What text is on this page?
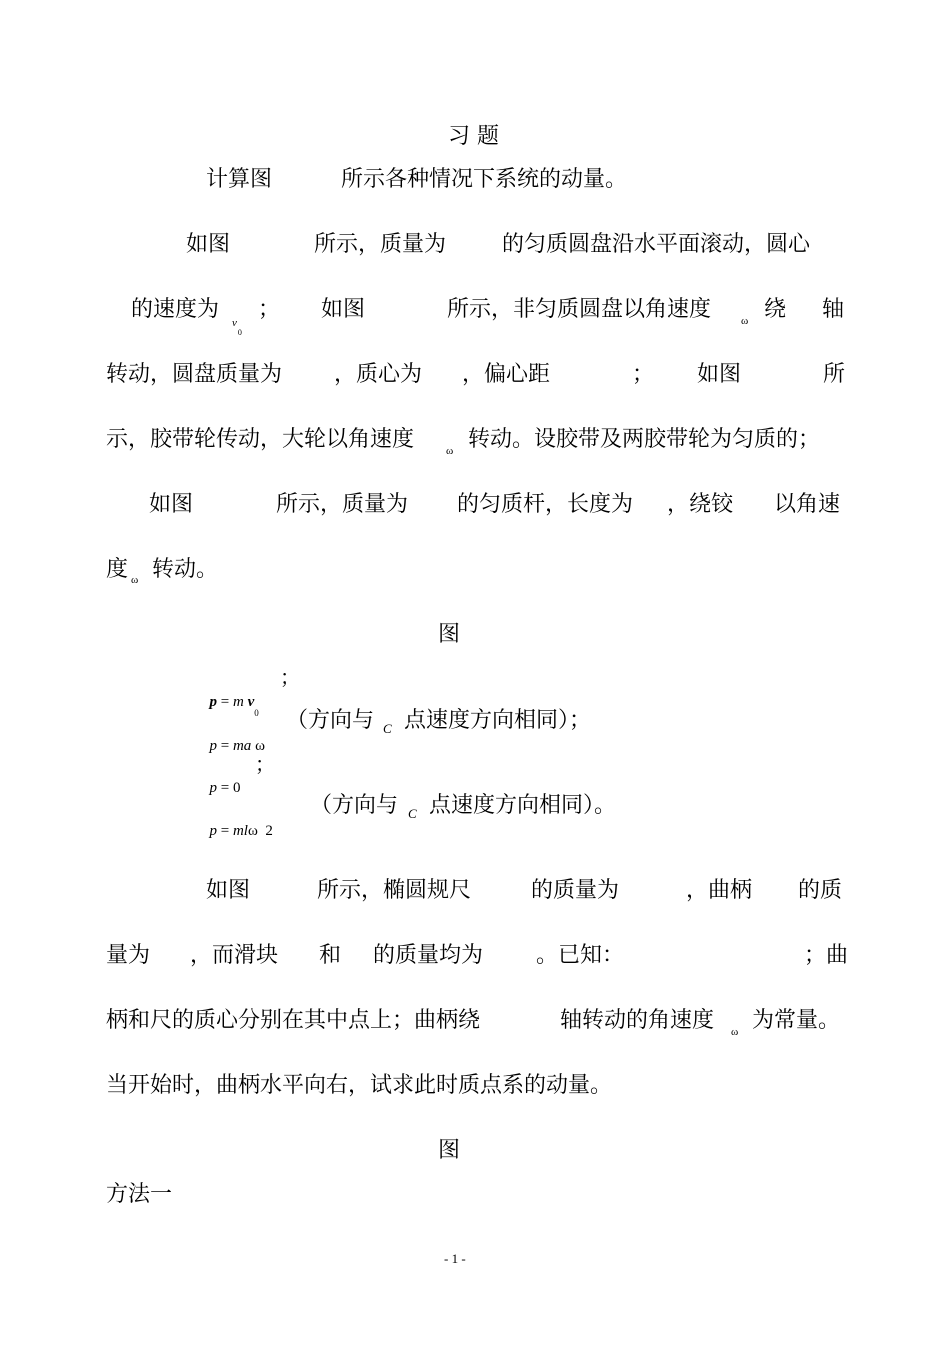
习 题

计算图	所示各种情况下系统的动量。
如图	所示，质量为	的匀质圆盘沿水平面滚动，圆心
的速度为
$v_0$
； 如图	所示，非匀质圆盘以角速度	ω 绕 轴
转动，圆盘质量为 ，质心为 ，偏心距	； 如图	所
示，胶带轮传动，大轮以角速度	ω 转动。设胶带及两胶带轮为匀质的；
如图	所示，质量为 的匀质杆，长度为 ，绕铰 以角速
度 ω 转动。
图

p = m $v_0$

；

p = ma ω

（方向与 C 点速度方向相同）；

p = 0

；

p = mlω 2

（方向与 C 点速度方向相同）。
如图	所示，椭圆规尺	的质量为	，曲柄 的质
量为 ，而滑块 和 的质量均为 。已知：	；曲
柄和尺的质心分别在其中点上；曲柄绕	轴转动的角速度 ω 为常量。
当开始时，曲柄水平向右，试求此时质点系的动量。
图
方法一
- 1 -
